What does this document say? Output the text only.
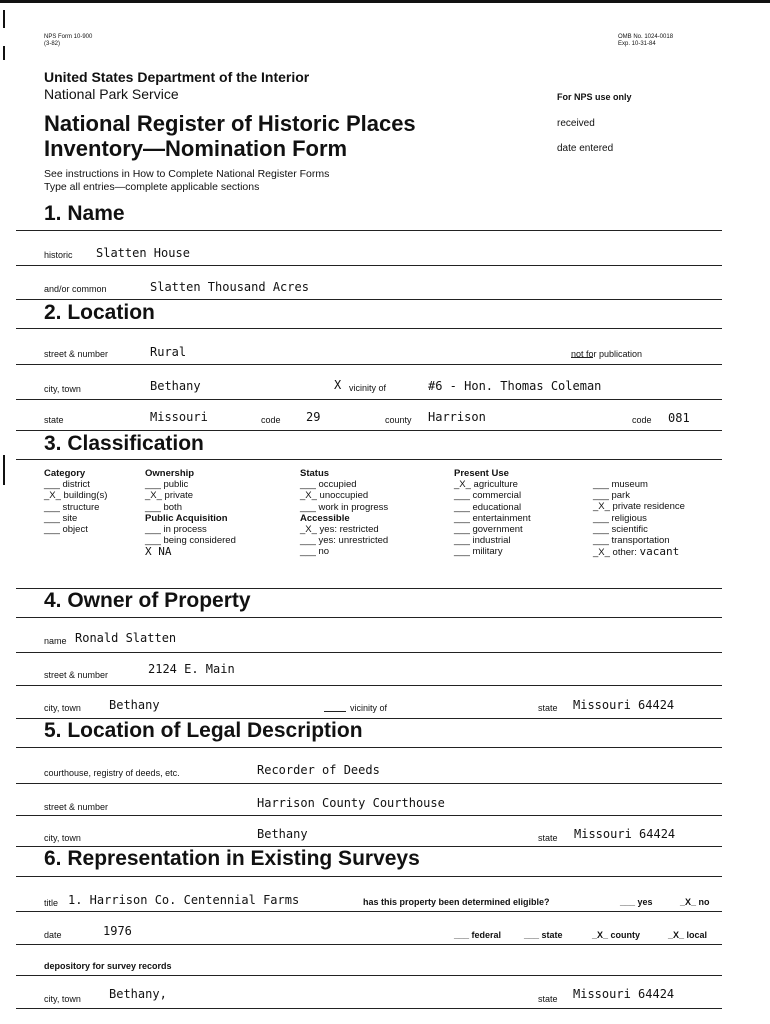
NPS Form 10-900
(3-82)
OMB No. 1024-0018
Exp. 10-31-84
United States Department of the Interior
National Park Service
National Register of Historic Places
Inventory—Nomination Form
See instructions in How to Complete National Register Forms
Type all entries—complete applicable sections
For NPS use only
received
date entered
1. Name
historic Slatten House
and/or common	Slatten Thousand Acres
2. Location
street & number	Rural	not for publication
city, town	Bethany	X vicinity of	#6 - Hon. Thomas Coleman
state	Missouri	code 29	county Harrison	code 081
3. Classification
Category
___ district
_X_ building(s)
___ structure
___ site
___ object
Ownership
___ public
_X_ private
___ both
Public Acquisition
___ in process
___ being considered
X NA
Status
___ occupied
_X_ unoccupied
___ work in progress
Accessible
_X_ yes: restricted
___ yes: unrestricted
___ no
Present Use
_X_ agriculture
___ commercial
___ educational
___ entertainment
___ government
___ industrial
___ military
___ museum
___ park
_X_ private residence
___ religious
___ scientific
___ transportation
_X_ other: vacant
4. Owner of Property
name Ronald Slatten
street & number	2124 E. Main
city, town Bethany	vicinity of	state Missouri 64424
5. Location of Legal Description
courthouse, registry of deeds, etc.	Recorder of Deeds
street & number	Harrison County Courthouse
city, town	Bethany	state Missouri 64424
6. Representation in Existing Surveys
title 1. Harrison Co. Centennial Farms	has this property been determined eligible?	___ yes	_X_ no
date	1976	___ federal	___ state	_X_ county	_X_ local
depository for survey records
city, town Bethany,	state Missouri 64424
